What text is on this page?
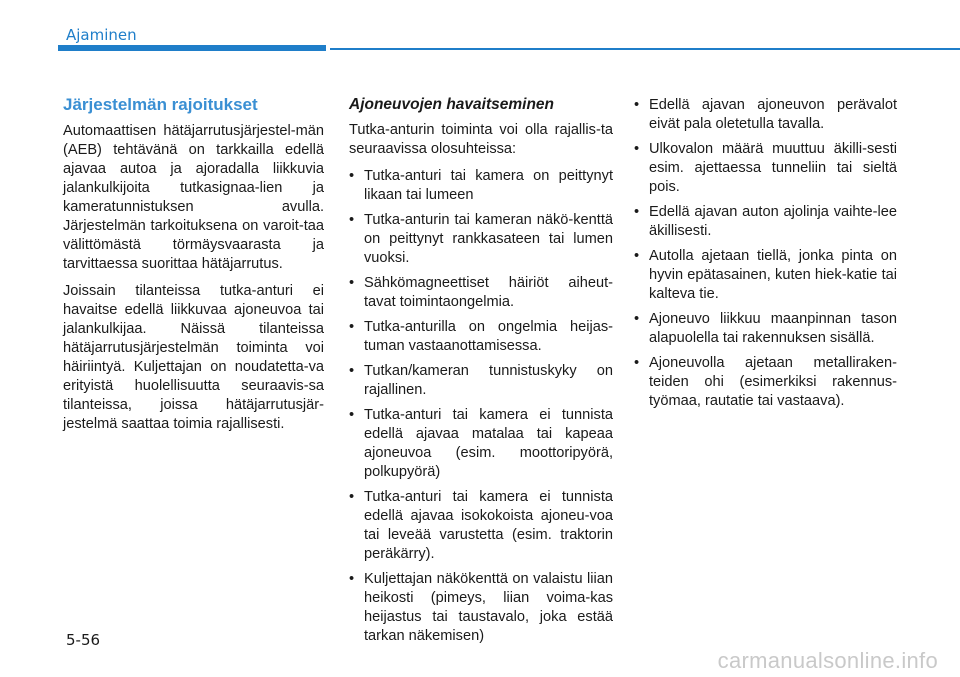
Ajaminen
Järjestelmän rajoitukset

Automaattisen hätäjarrutusjärjestel-män (AEB) tehtävänä on tarkkailla edellä ajavaa autoa ja ajoradalla liikkuvia jalankulkijoita tutkasignaa-lien ja kameratunnistuksen avulla. Järjestelmän tarkoituksena on varoit-taa välittömästä törmäysvaarasta ja tarvittaessa suorittaa hätäjarrutus.

Joissain tilanteissa tutka-anturi ei havaitse edellä liikkuvaa ajoneuvoa tai jalankulkijaa. Näissä tilanteissa hätäjarrutusjärjestelmän toiminta voi häiriintyä. Kuljettajan on noudatetta-va erityistä huolellisuutta seuraavis-sa tilanteissa, joissa hätäjarrutusjär-jestelmä saattaa toimia rajallisesti.

Ajoneuvojen havaitseminen

Tutka-anturin toiminta voi olla rajallis-ta seuraavissa olosuhteissa:

• Tutka-anturi tai kamera on peittynyt likaan tai lumeen
• Tutka-anturin tai kameran näkö-kenttä on peittynyt rankkasateen tai lumen vuoksi.
• Sähkömagneettiset häiriöt aiheut-tavat toimintaongelmia.
• Tutka-anturilla on ongelmia heijas-tuman vastaanottamisessa.
• Tutkan/kameran tunnistuskyky on rajallinen.
• Tutka-anturi tai kamera ei tunnista edellä ajavaa matalaa tai kapeaa ajoneuvoa (esim. moottoripyörä, polkupyörä)
• Tutka-anturi tai kamera ei tunnista edellä ajavaa isokokoista ajoneu-voa tai leveää varustetta (esim. traktorin peräkärry).
• Kuljettajan näkökenttä on valaistu liian heikosti (pimeys, liian voima-kas heijastus tai taustavalo, joka estää tarkan näkemisen)
• Edellä ajavan ajoneuvon perävalot eivät pala oletetulla tavalla.
• Ulkovalon määrä muuttuu äkilli-sesti esim. ajettaessa tunneliin tai sieltä pois.
• Edellä ajavan auton ajolinja vaihte-lee äkillisesti.
• Autolla ajetaan tiellä, jonka pinta on hyvin epätasainen, kuten hiek-katie tai kalteva tie.
• Ajoneuvo liikkuu maanpinnan tason alapuolella tai rakennuksen sisällä.
• Ajoneuvolla ajetaan metalliraken-teiden ohi (esimerkiksi rakennus-työmaa, rautatie tai vastaava).
5-56
carmanualsonline.info
